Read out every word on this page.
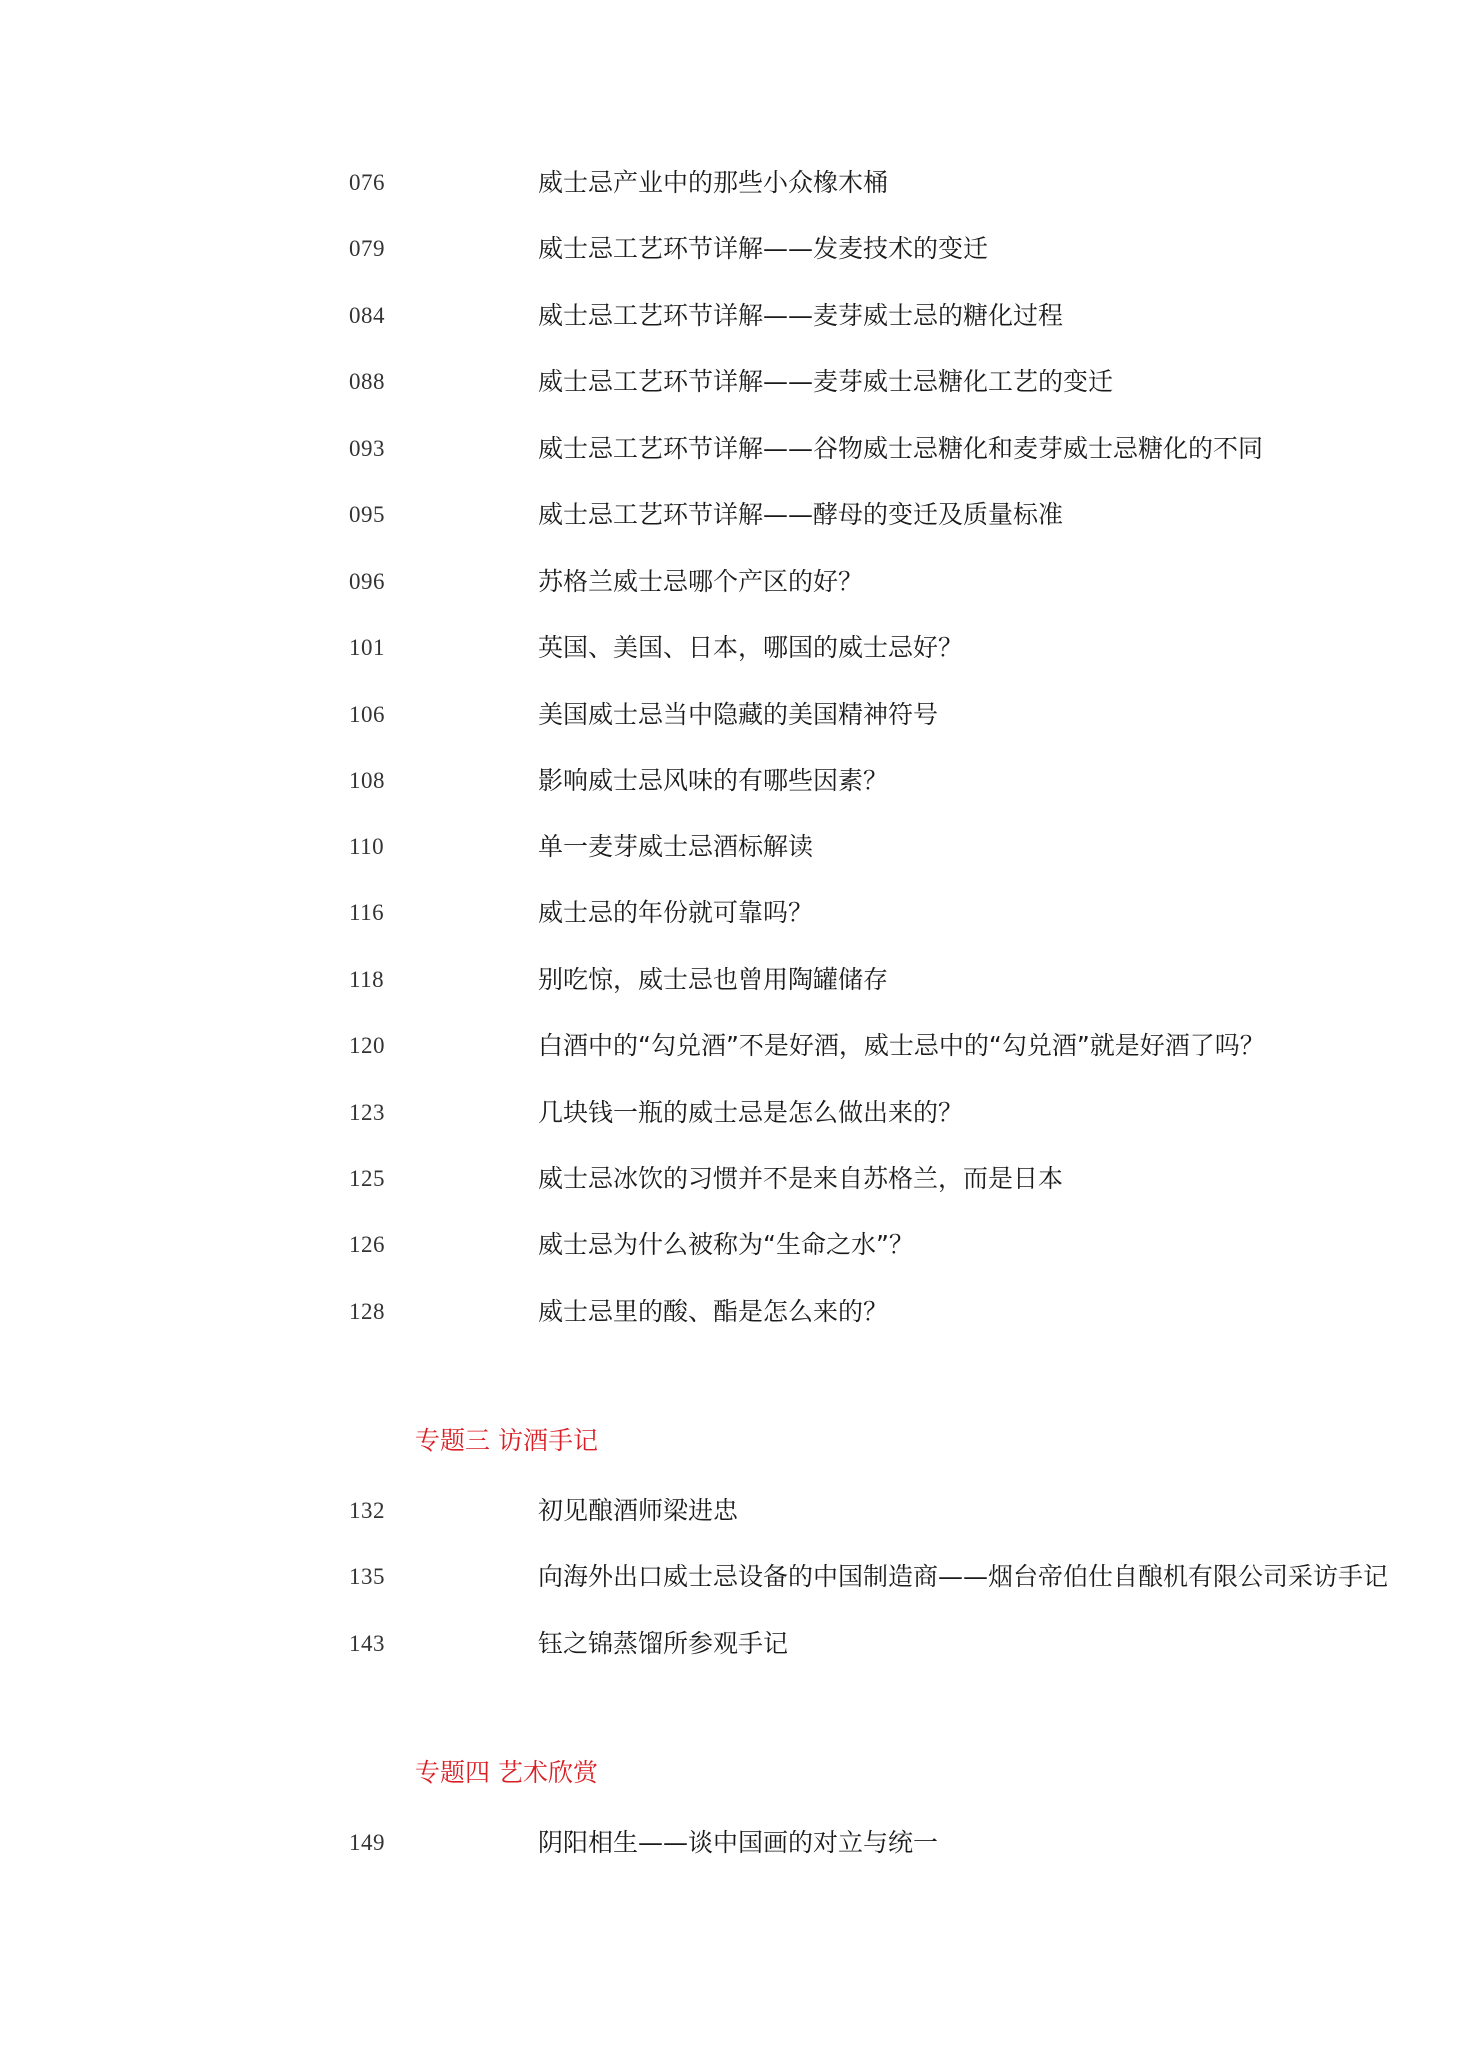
076	威士忌产业中的那些小众橡木桶
079	威士忌工艺环节详解——发麦技术的变迁
084	威士忌工艺环节详解——麦芽威士忌的糖化过程
088	威士忌工艺环节详解——麦芽威士忌糖化工艺的变迁
093	威士忌工艺环节详解——谷物威士忌糖化和麦芽威士忌糖化的不同
095	威士忌工艺环节详解——酵母的变迁及质量标准
096	苏格兰威士忌哪个产区的好？
101	英国、美国、日本，哪国的威士忌好？
106	美国威士忌当中隐藏的美国精神符号
108	影响威士忌风味的有哪些因素？
110	单一麦芽威士忌酒标解读
116	威士忌的年份就可靠吗？
118	别吃惊，威士忌也曾用陶罐储存
120	白酒中的“勾兑酒”不是好酒，威士忌中的“勾兑酒”就是好酒了吗？
123	几块钱一瓶的威士忌是怎么做出来的？
125	威士忌冰饮的习惯并不是来自苏格兰，而是日本
126	威士忌为什么被称为“生命之水”？
128	威士忌里的酸、酯是怎么来的？
专题三 访酒手记
132	初见酿酒师梁进忠
135	向海外出口威士忌设备的中国制造商——烟台帝伯仕自酿机有限公司采访手记
143	钰之锦蒸馏所参观手记
专题四 艺术欣赏
149	阴阳相生——谈中国画的对立与统一
